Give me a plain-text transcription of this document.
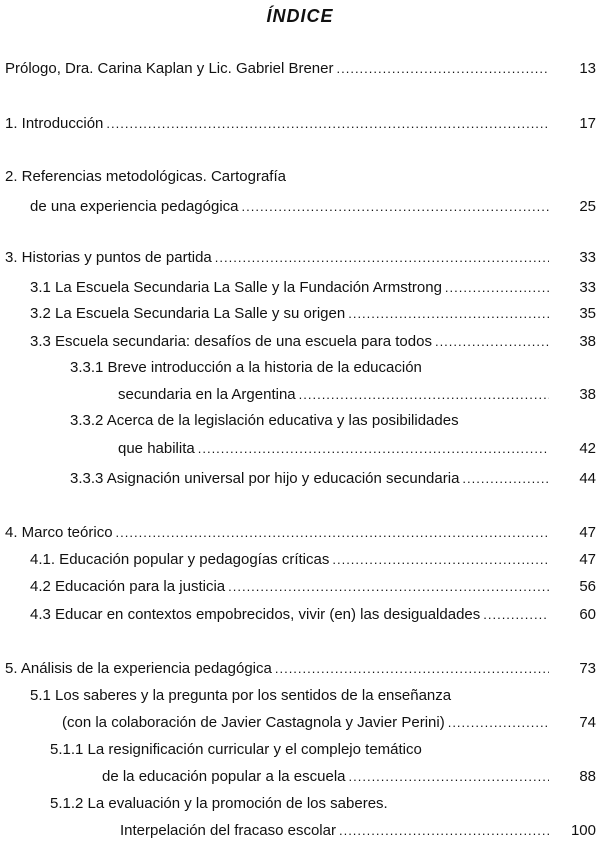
ÍNDICE
Prólogo, Dra. Carina Kaplan y Lic. Gabriel Brener .....	13
1. Introducción .....	17
2. Referencias metodológicas. Cartografía
de una experiencia pedagógica .....	25
3. Historias y puntos de partida .....	33
3.1 La Escuela Secundaria La Salle y la Fundación Armstrong .....	33
3.2 La Escuela Secundaria La Salle y su origen .....	35
3.3 Escuela secundaria: desafíos de una escuela para todos .....	38
3.3.1 Breve introducción a la historia de la educación
secundaria en la Argentina .....	38
3.3.2 Acerca de la legislación educativa y las posibilidades
que habilita .....	42
3.3.3 Asignación universal por hijo y educación secundaria .....	44
4. Marco teórico .....	47
4.1. Educación popular y pedagogías críticas .....	47
4.2 Educación para la justicia .....	56
4.3 Educar en contextos empobrecidos, vivir (en) las desigualdades .....	60
5. Análisis de la experiencia pedagógica .....	73
5.1 Los saberes y la pregunta por los sentidos de la enseñanza
(con la colaboración de Javier Castagnola y Javier Perini) .....	74
5.1.1 La resignificación curricular y el complejo temático
de la educación popular a la escuela .....	88
5.1.2 La evaluación y la promoción de los saberes.
Interpelación del fracaso escolar .....	100
